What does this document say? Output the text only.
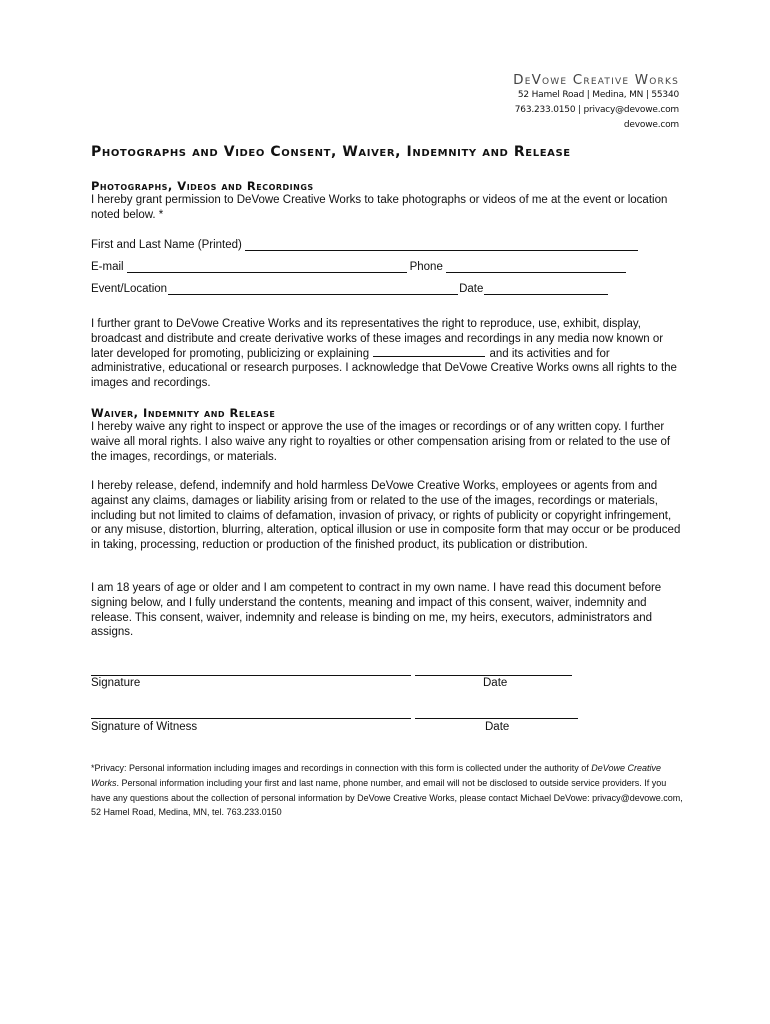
DeVowe Creative Works
52 Hamel Road | Medina, MN | 55340
763.233.0150 | privacy@devowe.com
devowe.com
Photographs and Video Consent, Waiver, Indemnity and Release
Photographs, Videos and Recordings

I hereby grant permission to DeVowe Creative Works to take photographs or videos of me at the event or location noted below. *

First and Last Name (Printed)
E-mail	Phone
Event/Location	Date

I further grant to DeVowe Creative Works and its representatives the right to reproduce, use, exhibit, display, broadcast and distribute and create derivative works of these images and recordings in any media now known or later developed for promoting, publicizing or explaining	and its activities and for administrative, educational or research purposes. I acknowledge that DeVowe Creative Works owns all rights to the images and recordings.

Waiver, Indemnity and Release

I hereby waive any right to inspect or approve the use of the images or recordings or of any written copy. I further waive all moral rights. I also waive any right to royalties or other compensation arising from or related to the use of the images, recordings, or materials.

I hereby release, defend, indemnify and hold harmless DeVowe Creative Works, employees or agents from and against any claims, damages or liability arising from or related to the use of the images, recordings or materials, including but not limited to claims of defamation, invasion of privacy, or rights of publicity or copyright infringement, or any misuse, distortion, blurring, alteration, optical illusion or use in composite form that may occur or be produced in taking, processing, reduction or production of the finished product, its publication or distribution.

I am 18 years of age or older and I am competent to contract in my own name. I have read this document before signing below, and I fully understand the contents, meaning and impact of this consent, waiver, indemnity and release. This consent, waiver, indemnity and release is binding on me, my heirs, executors, administrators and assigns.

Signature	Date
Signature of Witness	Date

*Privacy: Personal information including images and recordings in connection with this form is collected under the authority of DeVowe Creative Works. Personal information including your first and last name, phone number, and email will not be disclosed to outside service providers. If you have any questions about the collection of personal information by DeVowe Creative Works, please contact Michael DeVowe: privacy@devowe.com, 52 Hamel Road, Medina, MN, tel. 763.233.0150
